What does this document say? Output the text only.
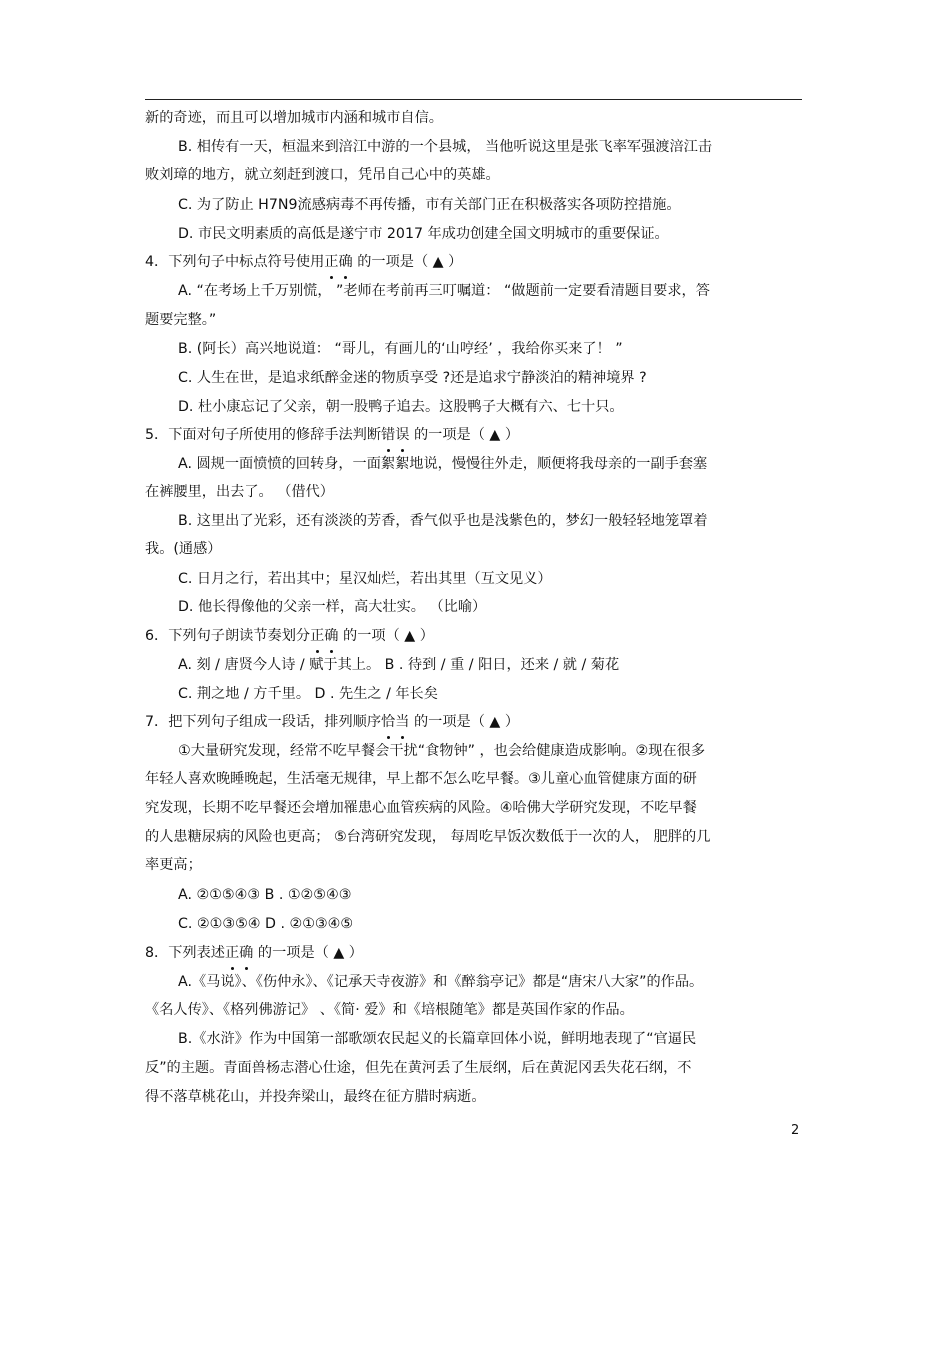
新的奇迹，而且可以增加城市内涵和城市自信。
B. 相传有一天，桓温来到涪江中游的一个县城， 当他听说这里是张飞率军强渡涪江击
败刘璋的地方，就立刻赶到渡口，凭吊自己心中的英雄。
C. 为了防止 H7N9流感病毒不再传播，市有关部门正在积极落实各项防控措施。
D. 市民文明素质的高低是遂宁市 2017 年成功创建全国文明城市的重要保证。
4．下列句子中标点符号使用正确 的一项是（ ▲ ）
A. “在考场上千万别慌， ”老师在考前再三叮嘱道： “做题前一定要看清题目要求，答
题要完整。”
B. (阿长）高兴地说道： “哥儿，有画儿的‘山哼经’ ，我给你买来了！ ”
C. 人生在世，是追求纸醉金迷的物质享受 ?还是追求宁静淡泊的精神境界 ?
D. 杜小康忘记了父亲，朝一股鸭子追去。这股鸭子大概有六、七十只。
5．下面对句子所使用的修辞手法判断错误 的一项是（ ▲ ）
A. 圆规一面愤愤的回转身，一面絮絮地说，慢慢往外走，顺便将我母亲的一副手套塞
在裤腰里，出去了。 （借代）
B. 这里出了光彩，还有淡淡的芳香，香气似乎也是浅紫色的，梦幻一般轻轻地笼罩着
我。(通感）
C. 日月之行，若出其中；星汉灿烂，若出其里（互文见义）
D. 他长得像他的父亲一样，高大壮实。 （比喻）
6．下列句子朗读节奏划分正确 的一项（ ▲ ）
A. 刻 / 唐贤今人诗 / 赋于其上。 B . 待到 / 重 / 阳日，还来 / 就 / 菊花
C. 荆之地 / 方千里。 D . 先生之 / 年长矣
7．把下列句子组成一段话，排列顺序恰当 的一项是（ ▲ ）
①大量研究发现，经常不吃早餐会干扰“食物钟” ，也会给健康造成影响。②现在很多
年轻人喜欢晚睡晚起，生活毫无规律，早上都不怎么吃早餐。③儿童心血管健康方面的研
究发现，长期不吃早餐还会增加罹患心血管疾病的风险。④哈佛大学研究发现，不吃早餐
的人患糖尿病的风险也更高； ⑤台湾研究发现， 每周吃早饭次数低于一次的人， 肥胖的几
率更高；
A. ②①⑤④③ B . ①②⑤④③
C. ②①③⑤④ D . ②①③④⑤
8．下列表述正确 的一项是（ ▲ ）
A.《马说》、《伤仲永》、《记承天寺夜游》和《醉翁亭记》都是“唐宋八大家”的作品。
《名人传》、《格列佛游记》 、《简· 爱》和《培根随笔》都是英国作家的作品。
B.《水浒》作为中国第一部歌颂农民起义的长篇章回体小说，鲜明地表现了“官逼民
反”的主题。青面兽杨志潜心仕途，但先在黄河丢了生辰纲，后在黄泥冈丢失花石纲，不
得不落草桃花山，并投奔梁山，最终在征方腊时病逝。
2
